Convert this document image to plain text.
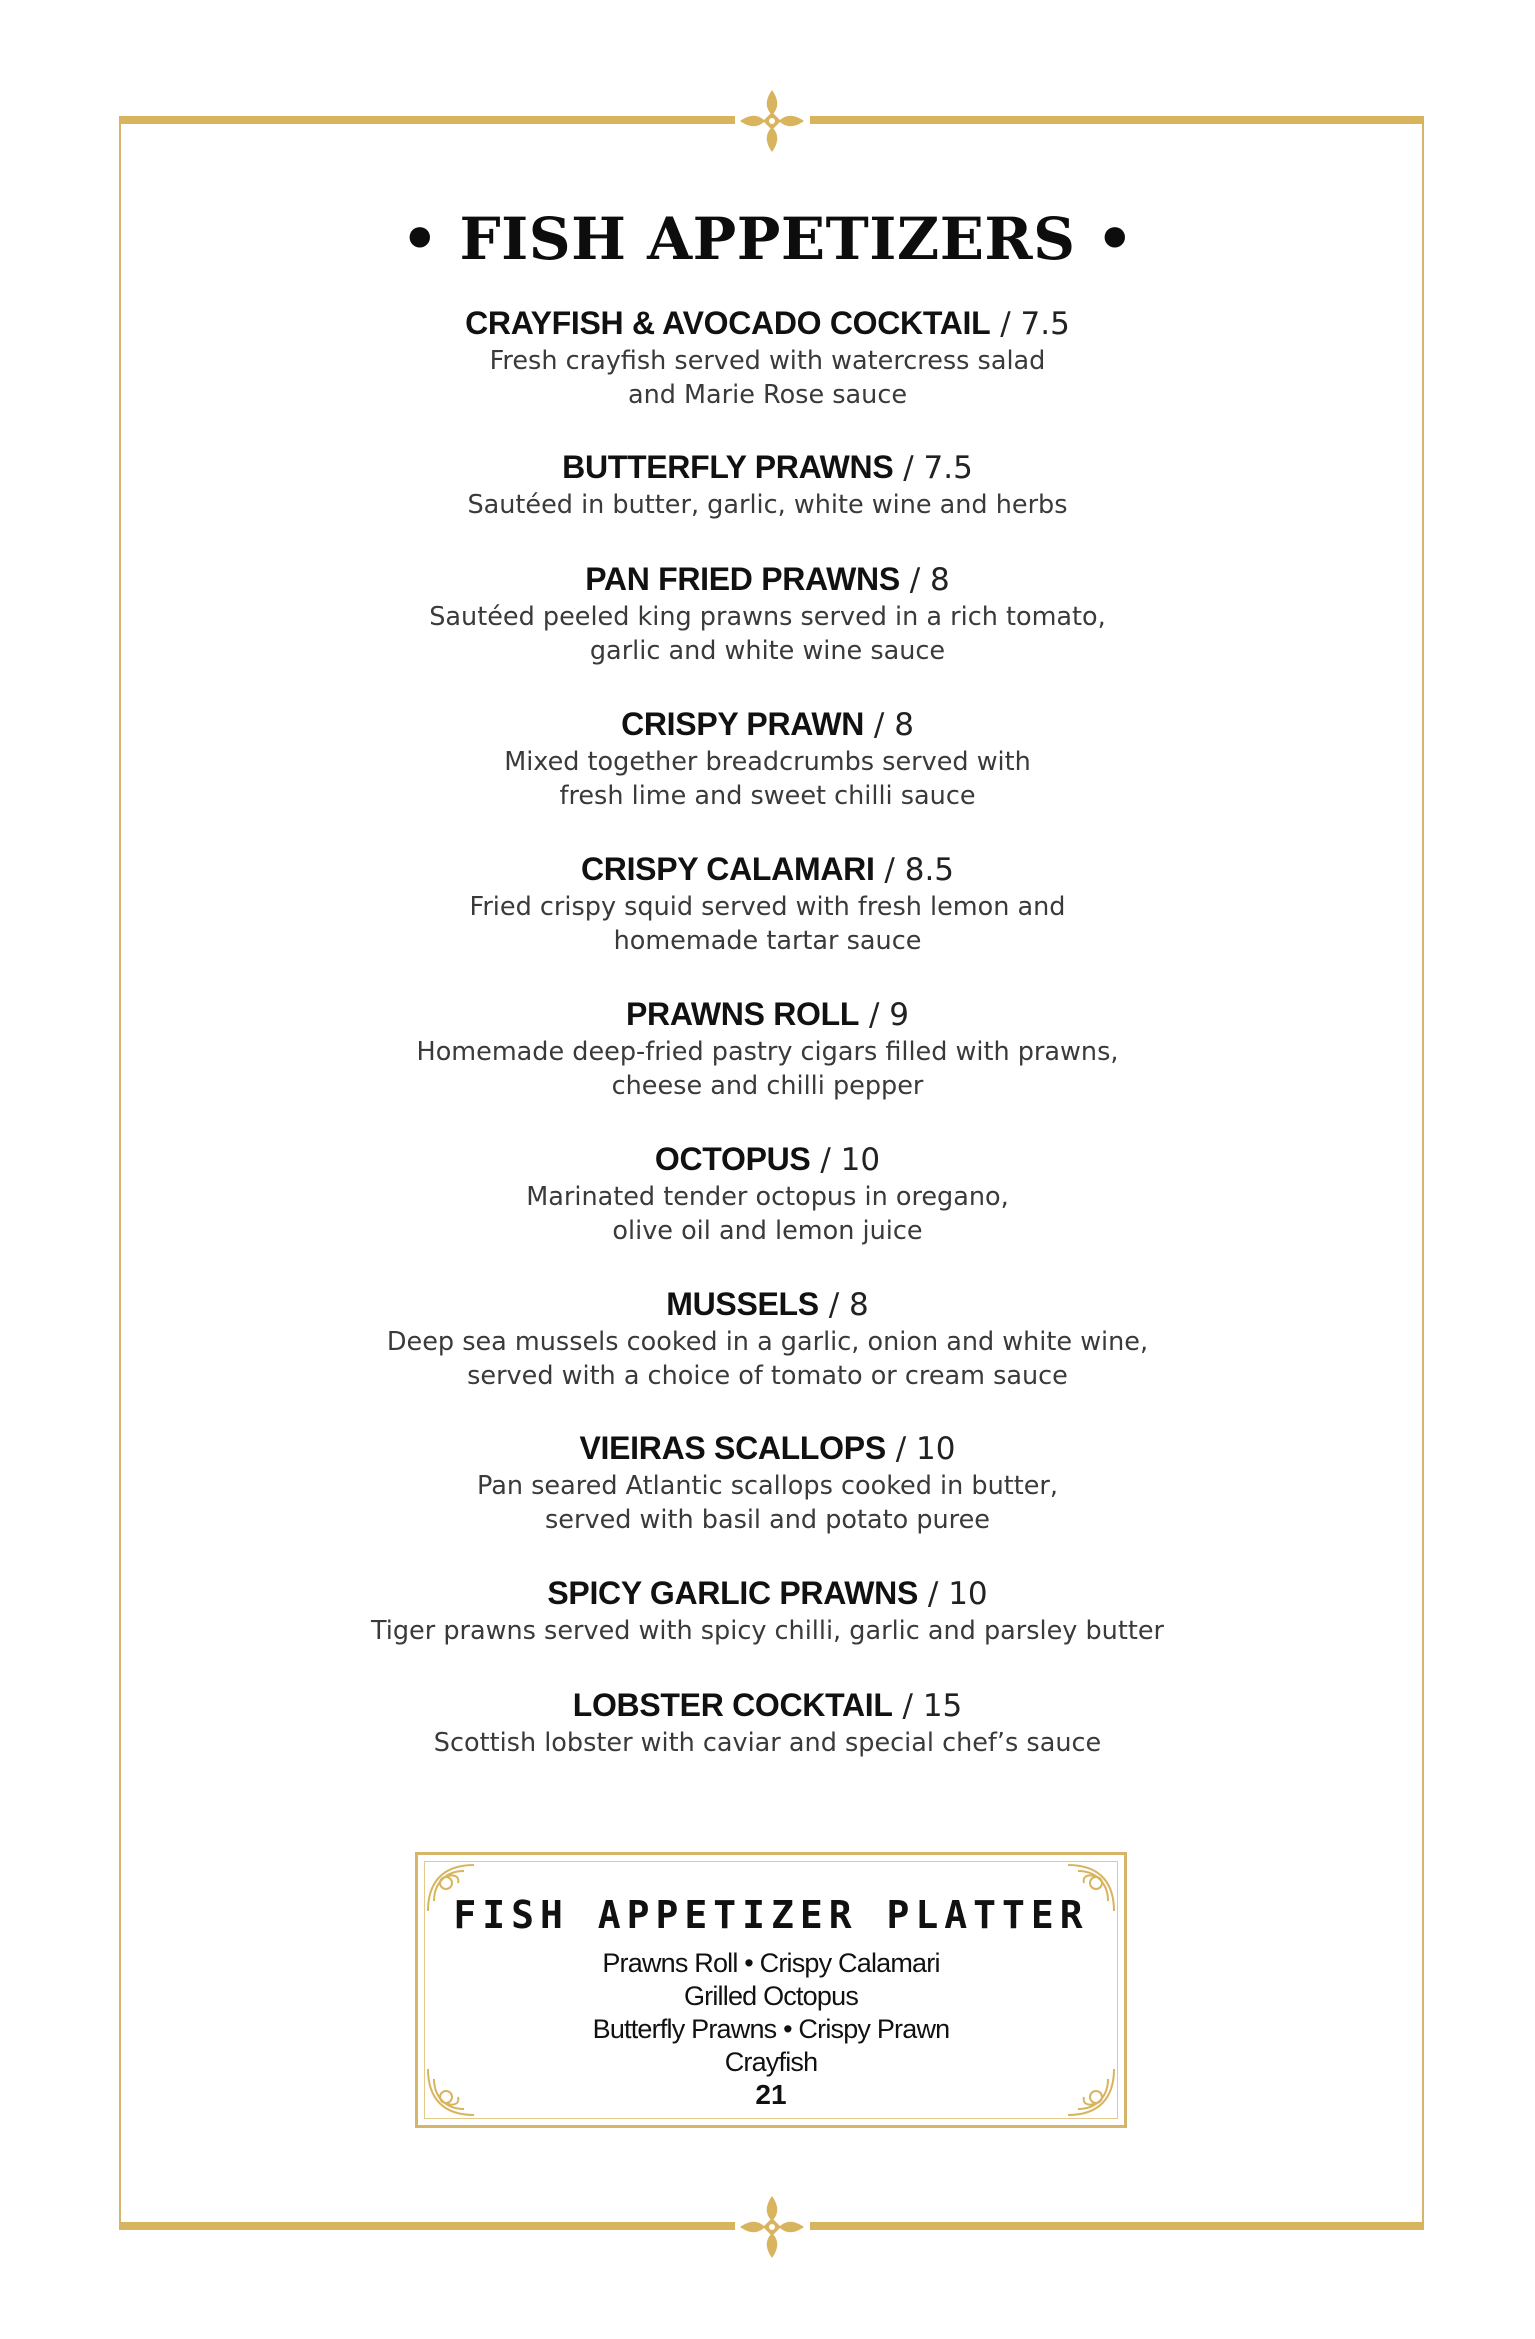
• FISH APPETIZERS •
CRAYFISH & AVOCADO COCKTAIL / 7.5
Fresh crayfish served with watercress salad
and Marie Rose sauce
BUTTERFLY PRAWNS / 7.5
Sautéed in butter, garlic, white wine and herbs
PAN FRIED PRAWNS / 8
Sautéed peeled king prawns served in a rich tomato,
garlic and white wine sauce
CRISPY PRAWN / 8
Mixed together breadcrumbs served with
fresh lime and sweet chilli sauce
CRISPY CALAMARI / 8.5
Fried crispy squid served with fresh lemon and
homemade tartar sauce
PRAWNS ROLL / 9
Homemade deep-fried pastry cigars filled with prawns,
cheese and chilli pepper
OCTOPUS / 10
Marinated tender octopus in oregano,
olive oil and lemon juice
MUSSELS / 8
Deep sea mussels cooked in a garlic, onion and white wine,
served with a choice of tomato or cream sauce
VIEIRAS SCALLOPS / 10
Pan seared Atlantic scallops cooked in butter,
served with basil and potato puree
SPICY GARLIC PRAWNS / 10
Tiger prawns served with spicy chilli, garlic and parsley butter
LOBSTER COCKTAIL / 15
Scottish lobster with caviar and special chef’s sauce
FISH APPETIZER PLATTER
Prawns Roll • Crispy Calamari
Grilled Octopus
Butterfly Prawns • Crispy Prawn
Crayfish
21
